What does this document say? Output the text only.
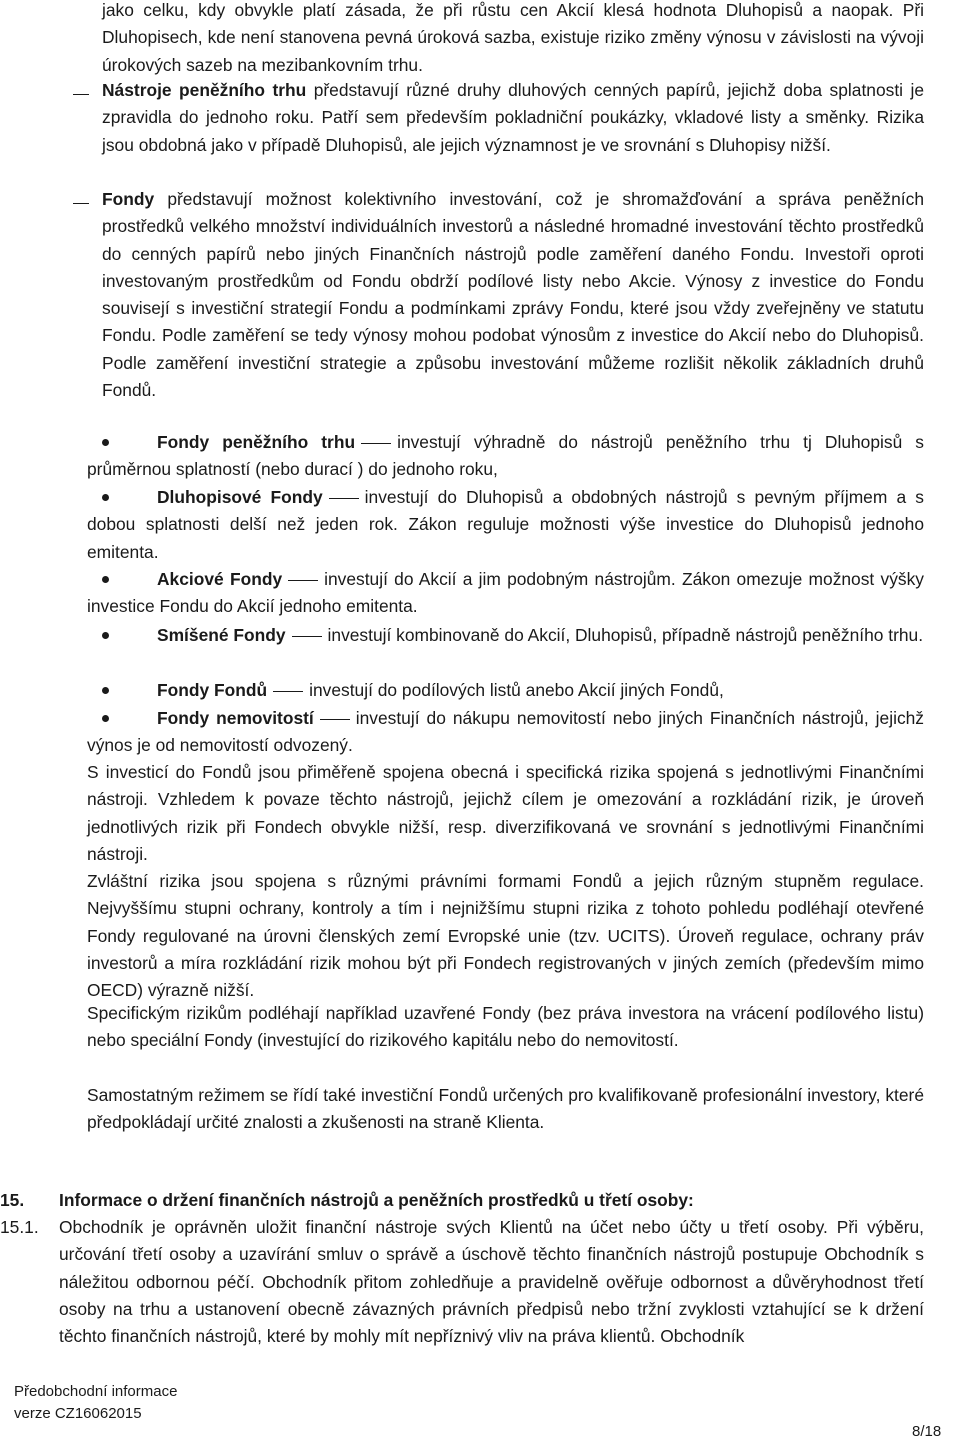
jako celku, kdy obvykle platí zásada, že při růstu cen Akcií klesá hodnota Dluhopisů a naopak. Při Dluhopisech, kde není stanovena pevná úroková sazba, existuje riziko změny výnosu v závislosti na vývoji úrokových sazeb na mezibankovním trhu.

Nástroje peněžního trhu představují různé druhy dluhových cenných papírů, jejichž doba splatnosti je zpravidla do jednoho roku. Patří sem především pokladniční poukázky, vkladové listy a směnky. Rizika jsou obdobná jako v případě Dluhopisů, ale jejich významnost je ve srovnání s Dluhopisy nižší.

Fondy představují možnost kolektivního investování, což je shromažďování a správa peněžních prostředků velkého množství individuálních investorů a následné hromadné investování těchto prostředků do cenných papírů nebo jiných Finančních nástrojů podle zaměření daného Fondu. Investoři oproti investovaným prostředkům od Fondu obdrží podílové listy nebo Akcie. Výnosy z investice do Fondu souvisejí s investiční strategií Fondu a podmínkami zprávy Fondu, které jsou vždy zveřejněny ve statutu Fondu. Podle zaměření se tedy výnosy mohou podobat výnosům z investice do Akcií nebo do Dluhopisů. Podle zaměření investiční strategie a způsobu investování můžeme rozlišit několik základních druhů Fondů.

Fondy peněžního trhu investují výhradně do nástrojů peněžního trhu tj Dluhopisů s průměrnou splatností (nebo durací ) do jednoho roku,

Dluhopisové Fondy investují do Dluhopisů a obdobných nástrojů s pevným příjmem a s dobou splatnosti delší než jeden rok. Zákon reguluje možnosti výše investice do Dluhopisů jednoho emitenta.

Akciové Fondy investují do Akcií a jim podobným nástrojům. Zákon omezuje možnost výšky investice Fondu do Akcií jednoho emitenta.

Smíšené Fondy investují kombinovaně do Akcií, Dluhopisů, případně nástrojů peněžního trhu.

Fondy Fondů investují do podílových listů anebo Akcií jiných Fondů,

Fondy nemovitostí investují do nákupu nemovitostí nebo jiných Finančních nástrojů, jejichž výnos je od nemovitostí odvozený.

S investicí do Fondů jsou přiměřeně spojena obecná i specifická rizika spojená s jednotlivými Finančními nástroji. Vzhledem k povaze těchto nástrojů, jejichž cílem je omezování a rozkládání rizik, je úroveň jednotlivých rizik při Fondech obvykle nižší, resp. diverzifikovaná ve srovnání s jednotlivými Finančními nástroji.

Zvláštní rizika jsou spojena s různými právními formami Fondů a jejich různým stupněm regulace. Nejvyššímu stupni ochrany, kontroly a tím i nejnižšímu stupni rizika z tohoto pohledu podléhají otevřené Fondy regulované na úrovni členských zemí Evropské unie (tzv. UCITS). Úroveň regulace, ochrany práv investorů a míra rozkládání rizik mohou být při Fondech registrovaných v jiných zemích (především mimo OECD) výrazně nižší.

Specifickým rizikům podléhají například uzavřené Fondy (bez práva investora na vrácení podílového listu) nebo speciální Fondy (investující do rizikového kapitálu nebo do nemovitostí.

Samostatným režimem se řídí také investiční Fondů určených pro kvalifikovaně profesionální investory, které předpokládají určité znalosti a zkušenosti na straně Klienta.

15. Informace o držení finančních nástrojů a peněžních prostředků u třetí osoby:
15.1. Obchodník je oprávněn uložit finanční nástroje svých Klientů na účet nebo účty u třetí osoby. Při výběru, určování třetí osoby a uzavírání smluv o správě a úschově těchto finančních nástrojů postupuje Obchodník s náležitou odbornou péčí. Obchodník přitom zohledňuje a pravidelně ověřuje odbornost a důvěryhodnost třetí osoby na trhu a ustanovení obecně závazných právních předpisů nebo tržní zvyklosti vztahující se k držení těchto finančních nástrojů, které by mohly mít nepříznivý vliv na práva klientů. Obchodník

Předobchodní informace
verze CZ16062015
8/18
